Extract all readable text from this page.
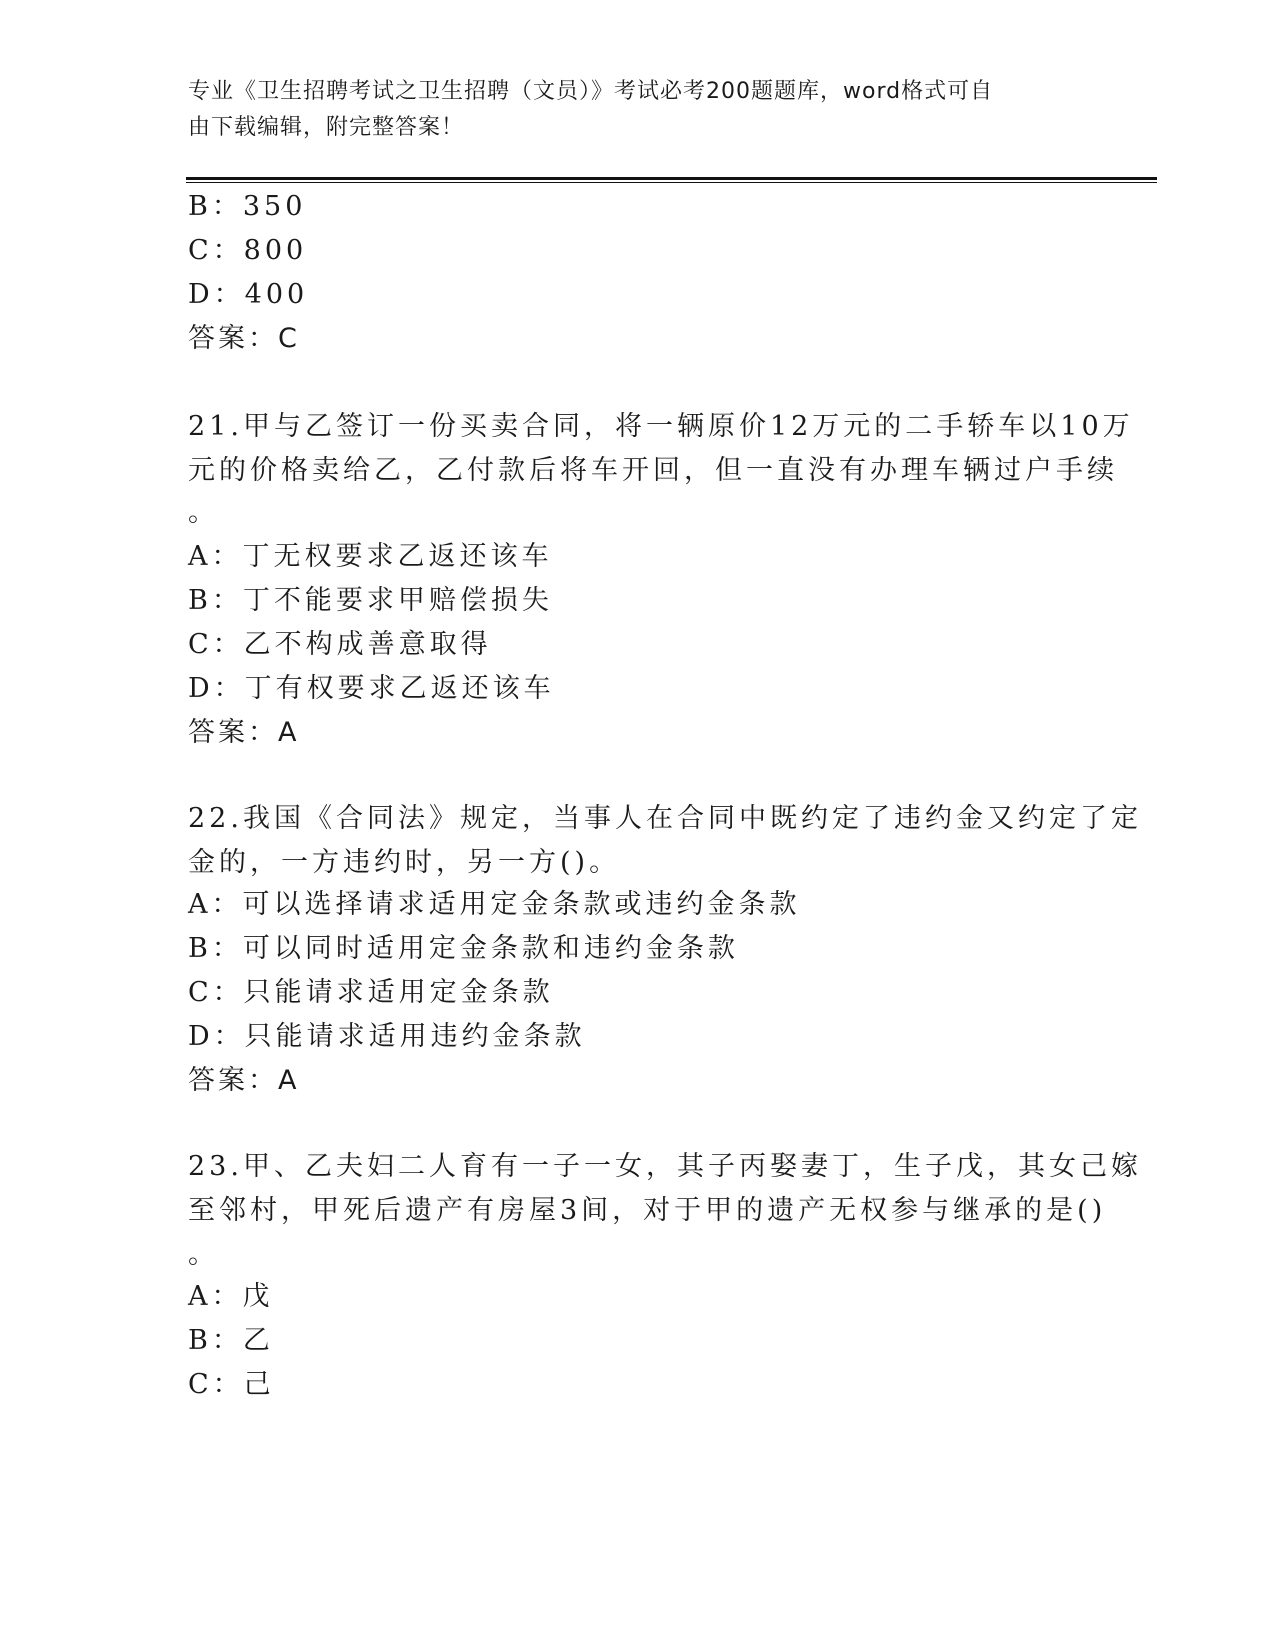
专业《卫生招聘考试之卫生招聘（文员）》考试必考200题题库，word格式可自
由下载编辑，附完整答案！
B：350
C：800
D：400
答案：C
21.甲与乙签订一份买卖合同，将一辆原价12万元的二手轿车以10万
元的价格卖给乙，乙付款后将车开回，但一直没有办理车辆过户手续
。
A：丁无权要求乙返还该车
B：丁不能要求甲赔偿损失
C：乙不构成善意取得
D：丁有权要求乙返还该车
答案：A
22.我国《合同法》规定，当事人在合同中既约定了违约金又约定了定
金的，一方违约时，另一方()。
A：可以选择请求适用定金条款或违约金条款
B：可以同时适用定金条款和违约金条款
C：只能请求适用定金条款
D：只能请求适用违约金条款
答案：A
23.甲、乙夫妇二人育有一子一女，其子丙娶妻丁，生子戊，其女己嫁
至邻村，甲死后遗产有房屋3间，对于甲的遗产无权参与继承的是()
。
A：戊
B：乙
C：己
